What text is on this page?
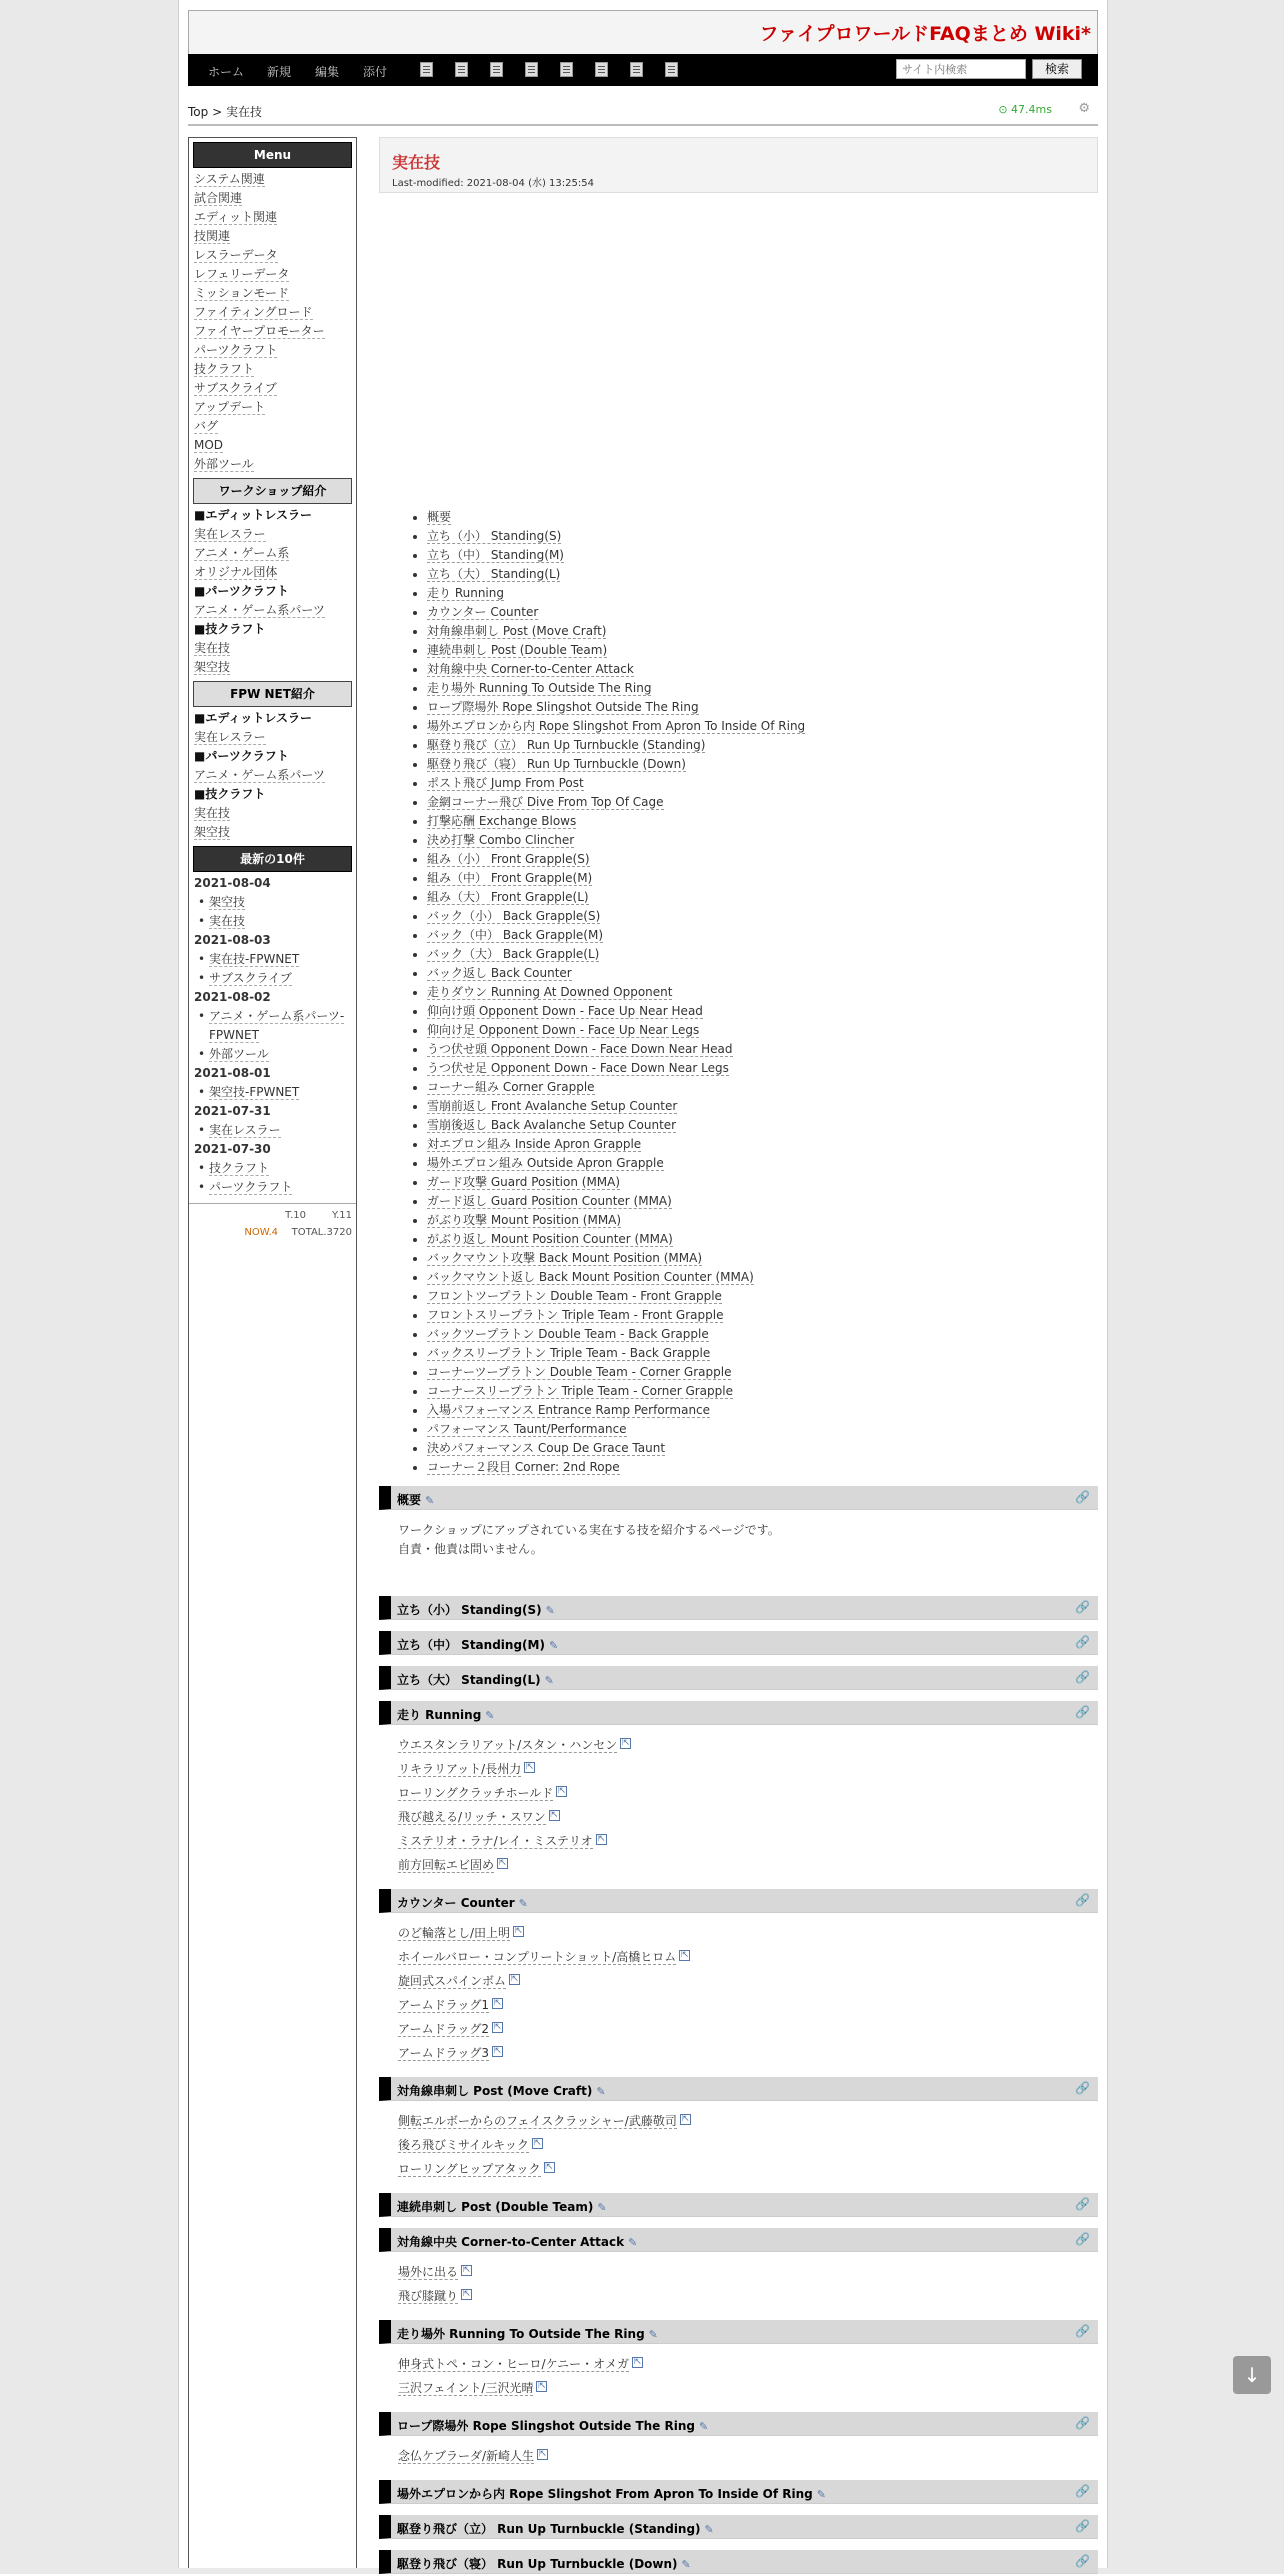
ファイプロワールドFAQまとめ Wiki*
ホーム 新規 編集 添付
サイト内検索	検索
Top > 実在技	⊙ 47.4ms ⚙
Menu
システム関連
試合関連
エディット関連
技関連
レスラーデータ
レフェリーデータ
ミッションモード
ファイティングロード
ファイヤープロモーター
パーツクラフト
技クラフト
サブスクライブ
アップデート
バグ
MOD
外部ツール
ワークショップ紹介
■エディットレスラー
実在レスラー
アニメ・ゲーム系
オリジナル団体
■パーツクラフト
アニメ・ゲーム系パーツ
■技クラフト
実在技
架空技
FPW NET紹介
■エディットレスラー
実在レスラー
■パーツクラフト
アニメ・ゲーム系パーツ
■技クラフト
実在技
架空技
最新の10件
2021-08-04
• 架空技
• 実在技
2021-08-03
• 実在技-FPWNET
• サブスクライブ
2021-08-02
• アニメ・ゲーム系パーツ-FPWNET
• 外部ツール
2021-08-01
• 架空技-FPWNET
2021-07-31
• 実在レスラー
2021-07-30
• 技クラフト
• パーツクラフト
T.10	Y.11
NOW.4 TOTAL.3720
実在技
Last-modified: 2021-08-04 (水) 13:25:54
• 概要
• 立ち（小） Standing(S)
• 立ち（中） Standing(M)
• 立ち（大） Standing(L)
• 走り Running
• カウンター Counter
• 対角線串刺し Post (Move Craft)
• 連続串刺し Post (Double Team)
• 対角線中央 Corner-to-Center Attack
• 走り場外 Running To Outside The Ring
• ロープ際場外 Rope Slingshot Outside The Ring
• 場外エプロンから内 Rope Slingshot From Apron To Inside Of Ring
• 駆登り飛び（立） Run Up Turnbuckle (Standing)
• 駆登り飛び（寝） Run Up Turnbuckle (Down)
• ポスト飛び Jump From Post
• 金網コーナー飛び Dive From Top Of Cage
• 打撃応酬 Exchange Blows
• 決め打撃 Combo Clincher
• 組み（小） Front Grapple(S)
• 組み（中） Front Grapple(M)
• 組み（大） Front Grapple(L)
• バック（小） Back Grapple(S)
• バック（中） Back Grapple(M)
• バック（大） Back Grapple(L)
• バック返し Back Counter
• 走りダウン Running At Downed Opponent
• 仰向け頭 Opponent Down - Face Up Near Head
• 仰向け足 Opponent Down - Face Up Near Legs
• うつ伏せ頭 Opponent Down - Face Down Near Head
• うつ伏せ足 Opponent Down - Face Down Near Legs
• コーナー組み Corner Grapple
• 雪崩前返し Front Avalanche Setup Counter
• 雪崩後返し Back Avalanche Setup Counter
• 対エプロン組み Inside Apron Grapple
• 場外エプロン組み Outside Apron Grapple
• ガード攻撃 Guard Position (MMA)
• ガード返し Guard Position Counter (MMA)
• がぶり攻撃 Mount Position (MMA)
• がぶり返し Mount Position Counter (MMA)
• バックマウント攻撃 Back Mount Position (MMA)
• バックマウント返し Back Mount Position Counter (MMA)
• フロントツープラトン Double Team - Front Grapple
• フロントスリープラトン Triple Team - Front Grapple
• バックツープラトン Double Team - Back Grapple
• バックスリープラトン Triple Team - Back Grapple
• コーナーツープラトン Double Team - Corner Grapple
• コーナースリープラトン Triple Team - Corner Grapple
• 入場パフォーマンス Entrance Ramp Performance
• パフォーマンス Taunt/Performance
• 決めパフォーマンス Coup De Grace Taunt
• コーナー２段目 Corner: 2nd Rope
概要 ✎	🔗
ワークショップにアップされている実在する技を紹介するページです。
自責・他責は問いません。
立ち（小） Standing(S) ✎	🔗
立ち（中） Standing(M) ✎	🔗
立ち（大） Standing(L) ✎	🔗
走り Running ✎	🔗
ウエスタンラリアット/スタン・ハンセン ⇱
リキラリアット/長州力 ⇱
ローリングクラッチホールド ⇱
飛び越える/リッチ・スワン ⇱
ミステリオ・ラナ/レイ・ミステリオ ⇱
前方回転エビ固め ⇱
カウンター Counter ✎	🔗
のど輪落とし/田上明 ⇱
ホイールバロー・コンプリートショット/高橋ヒロム ⇱
旋回式スパインボム ⇱
アームドラッグ1 ⇱
アームドラッグ2 ⇱
アームドラッグ3 ⇱
対角線串刺し Post (Move Craft) ✎	🔗
側転エルボーからのフェイスクラッシャー/武藤敬司 ⇱
後ろ飛びミサイルキック ⇱
ローリングヒップアタック ⇱
連続串刺し Post (Double Team) ✎	🔗
対角線中央 Corner-to-Center Attack ✎	🔗
場外に出る ⇱
飛び膝蹴り ⇱
走り場外 Running To Outside The Ring ✎	🔗
伸身式トペ・コン・ヒーロ/ケニー・オメガ ⇱
三沢フェイント/三沢光晴 ⇱
ロープ際場外 Rope Slingshot Outside The Ring ✎	🔗
念仏ケブラーダ/新崎人生 ⇱
場外エプロンから内 Rope Slingshot From Apron To Inside Of Ring ✎	🔗
駆登り飛び（立） Run Up Turnbuckle (Standing) ✎	🔗
駆登り飛び（寝） Run Up Turnbuckle (Down) ✎	🔗
↓
